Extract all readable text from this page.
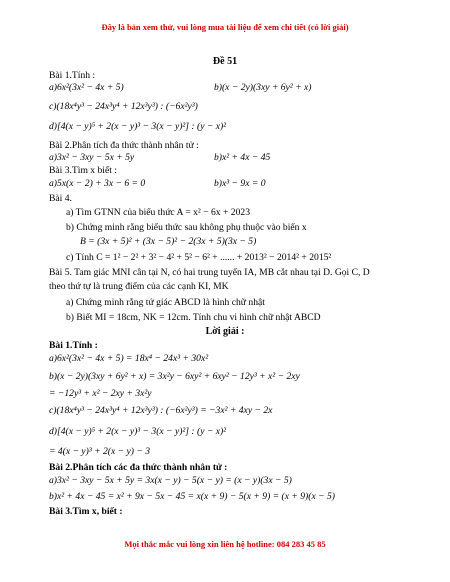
Đây là bản xem thử, vui lòng mua tài liệu để xem chi tiết (có lời giải)
Đề 51
Bài 1.Tính :
a)6x²(3x² − 4x + 5)	b)(x − 2y)(3xy + 6y² + x)
c)(18x⁴y³ − 24x³y⁴ + 12x³y³) : (−6x²y³)
d)[4(x − y)⁵ + 2(x − y)³ − 3(x − y)²] : (y − x)²
Bài 2.Phân tích đa thức thành nhân tử :
a)3x² − 3xy − 5x + 5y	b)x² + 4x − 45
Bài 3.Tìm x biết :
a)5x(x − 2) + 3x − 6 = 0	b)x³ − 9x = 0
Bài 4.
a) Tìm GTNN của biểu thức A = x² − 6x + 2023
b) Chứng minh rằng biểu thức sau không phụ thuộc vào biến x
B = (3x + 5)² + (3x − 5)² − 2(3x + 5)(3x − 5)
c) Tính C = 1² − 2² + 3² − 4² + 5² − 6² + ...... + 2013² − 2014² + 2015²
Bài 5. Tam giác MNI cân tại N, có hai trung tuyến IA, MB cắt nhau tại D. Gọi C, D
theo thứ tự là trung điểm của các cạnh KI, MK
a) Chứng minh rằng tứ giác ABCD là hình chữ nhật
b) Biết MI = 18cm, NK = 12cm. Tính chu vi hình chữ nhật ABCD
Lời giải :
Bài 1.Tính :
a)6x²(3x² − 4x + 5) = 18x⁴ − 24x³ + 30x²
b)(x − 2y)(3xy + 6y² + x) = 3x²y − 6xy² + 6xy² − 12y³ + x² − 2xy
= −12y³ + x² − 2xy + 3x²y
c)(18x⁴y³ − 24x³y⁴ + 12x³y³) : (−6x²y³) = −3x² + 4xy − 2x
d)[4(x − y)⁵ + 2(x − y)³ − 3(x − y)²] : (y − x)²
= 4(x − y)³ + 2(x − y) − 3
Bài 2.Phân tích các đa thức thành nhân tử :
a)3x² − 3xy − 5x + 5y = 3x(x − y) − 5(x − y) = (x − y)(3x − 5)
b)x² + 4x − 45 = x² + 9x − 5x − 45 = x(x + 9) − 5(x + 9) = (x + 9)(x − 5)
Bài 3.Tìm x, biết :
Mọi thắc mắc vui lòng xin liên hệ hotline: 084 283 45 85
